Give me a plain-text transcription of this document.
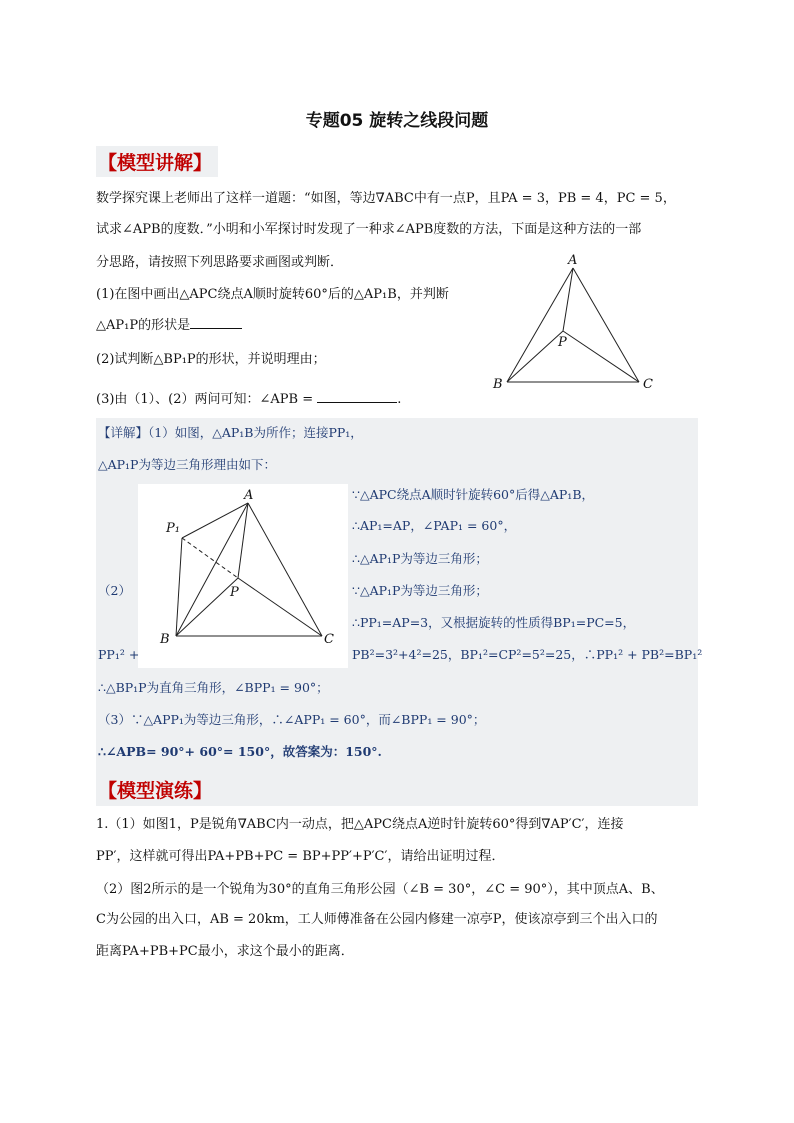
专题05 旋转之线段问题
【模型讲解】
数学探究课上老师出了这样一道题：“如图，等边∇ABC中有一点P，且PA = 3，PB = 4，PC = 5，
试求∠APB的度数．”小明和小军探讨时发现了一种求∠APB度数的方法，下面是这种方法的一部
分思路，请按照下列思路要求画图或判断．
(1)在图中画出△APC绕点A顺时旋转60°后的△AP₁B，并判断
△AP₁P的形状是
(2)试判断△BP₁P的形状，并说明理由；
(3)由（1）、(2）两问可知：∠APB =	.
A
B	C
P
【详解】（1）如图，△AP₁B为所作；连接PP₁，
△AP₁P为等边三角形理由如下：
（2）
∵△APC绕点A顺时针旋转60°后得△AP₁B，
∴AP₁=AP，∠PAP₁ = 60°，
∴△AP₁P为等边三角形；
∵△AP₁P为等边三角形；
∴PP₁=AP=3，又根据旋转的性质得BP₁=PC=5，
PP₁² +	PB²=3²+4²=25，BP₁²=CP²=5²=25，∴PP₁² + PB²=BP₁²
∴△BP₁P为直角三角形，∠BPP₁ = 90°；
（3）∵△APP₁为等边三角形，∴∠APP₁ = 60°，而∠BPP₁ = 90°；
∴∠APB= 90°+ 60°= 150°，故答案为：150°.
A
B	C
P
P₁
【模型演练】
1.（1）如图1，P是锐角∇ABC内一动点，把△APC绕点A逆时针旋转60°得到∇AP′C′，连接
PP′，这样就可得出PA+PB+PC = BP+PP′+P′C′，请给出证明过程．
（2）图2所示的是一个锐角为30°的直角三角形公园（∠B = 30°，∠C = 90°），其中顶点A、B、
C为公园的出入口，AB = 20km，工人师傅准备在公园内修建一凉亭P，使该凉亭到三个出入口的
距离PA+PB+PC最小，求这个最小的距离．
